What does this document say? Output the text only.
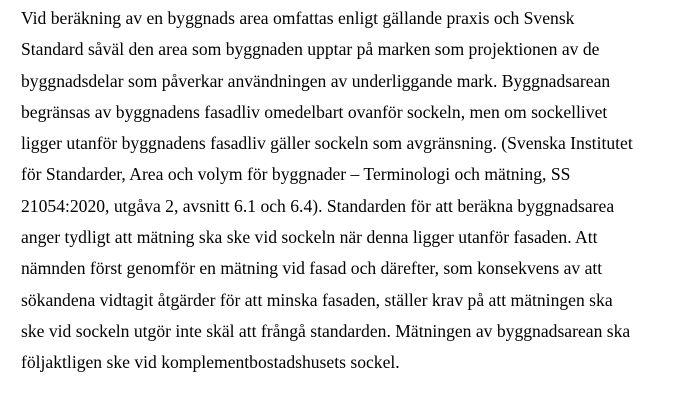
Vid beräkning av en byggnads area omfattas enligt gällande praxis och Svensk
Standard såväl den area som byggnaden upptar på marken som projektionen av de
byggnadsdelar som påverkar användningen av underliggande mark. Byggnadsarean
begränsas av byggnadens fasadliv omedelbart ovanför sockeln, men om sockellivet
ligger utanför byggnadens fasadliv gäller sockeln som avgränsning. (Svenska Institutet
för Standarder, Area och volym för byggnader – Terminologi och mätning, SS
21054:2020, utgåva 2, avsnitt 6.1 och 6.4). Standarden för att beräkna byggnadsarea
anger tydligt att mätning ska ske vid sockeln när denna ligger utanför fasaden. Att
nämnden först genomför en mätning vid fasad och därefter, som konsekvens av att
sökandena vidtagit åtgärder för att minska fasaden, ställer krav på att mätningen ska
ske vid sockeln utgör inte skäl att frångå standarden. Mätningen av byggnadsarean ska
följaktligen ske vid komplementbostadshusets sockel.
